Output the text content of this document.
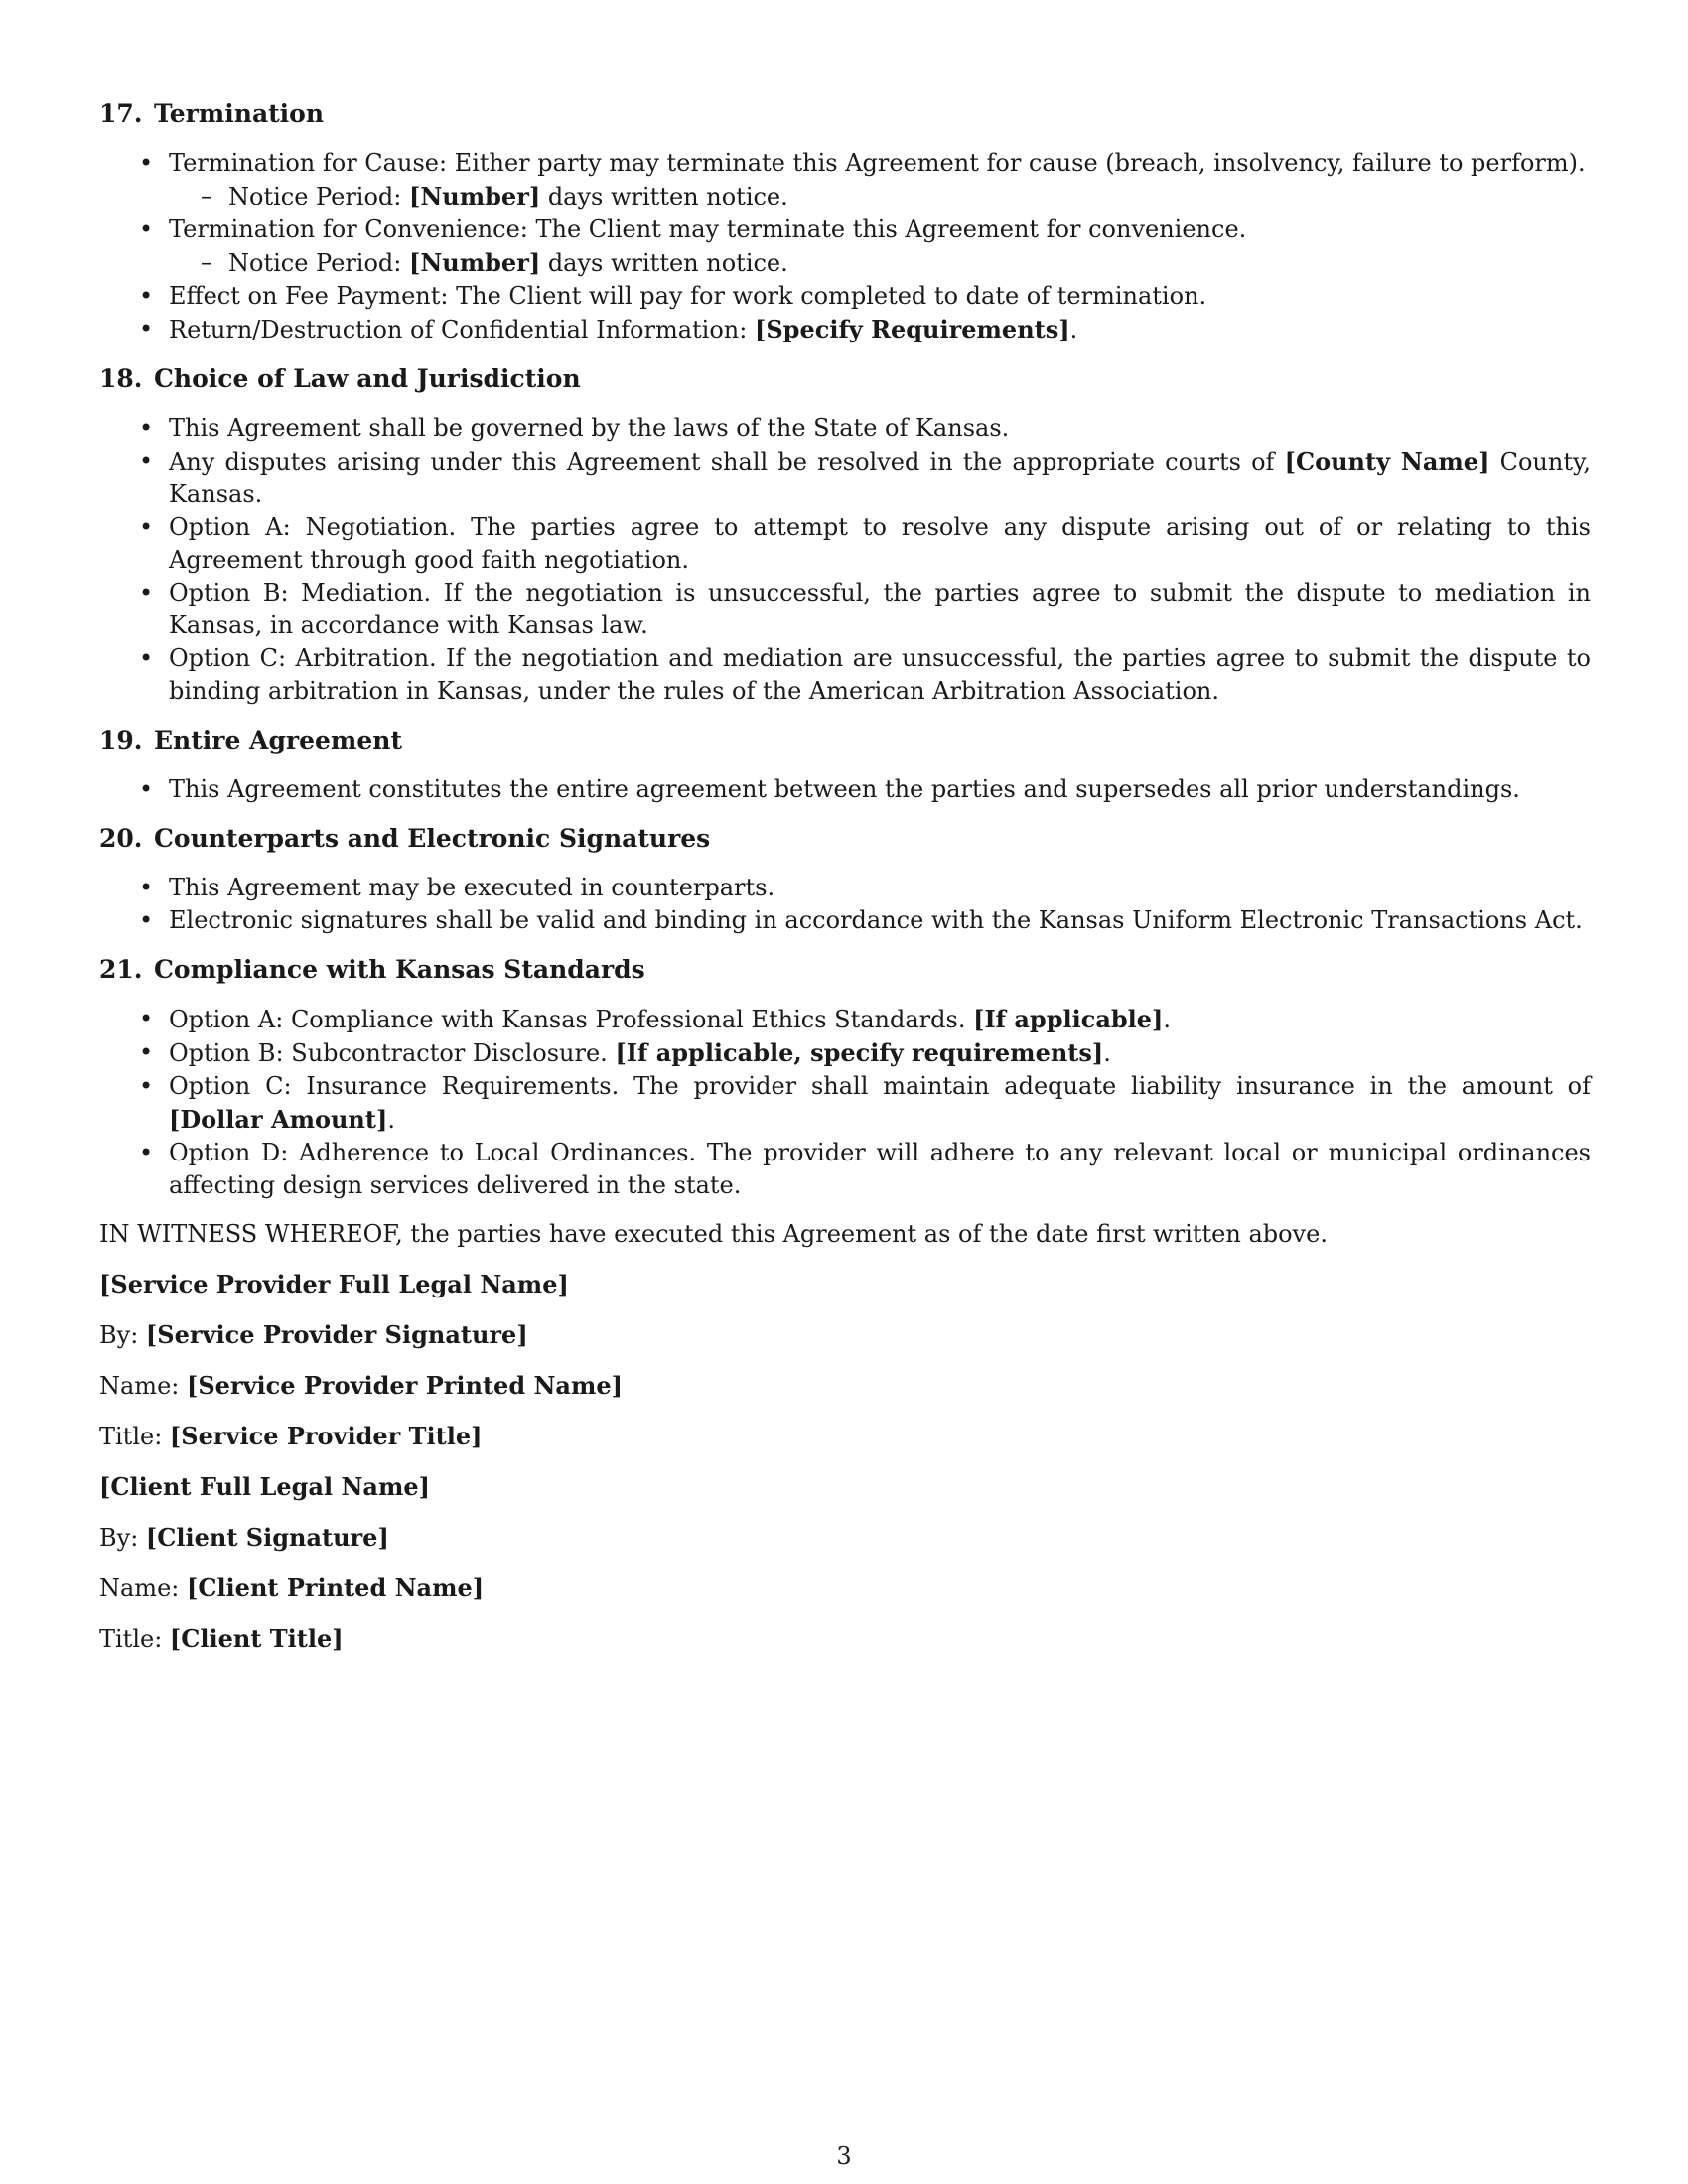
17. Termination
• Termination for Cause: Either party may terminate this Agreement for cause (breach, insolvency, failure to perform).
– Notice Period: [Number] days written notice.
• Termination for Convenience: The Client may terminate this Agreement for convenience.
– Notice Period: [Number] days written notice.
• Effect on Fee Payment: The Client will pay for work completed to date of termination.
• Return/Destruction of Confidential Information: [Specify Requirements].
18. Choice of Law and Jurisdiction
• This Agreement shall be governed by the laws of the State of Kansas.
• Any disputes arising under this Agreement shall be resolved in the appropriate courts of [County Name] County, Kansas.
• Option A: Negotiation. The parties agree to attempt to resolve any dispute arising out of or relating to this Agreement through good faith negotiation.
• Option B: Mediation. If the negotiation is unsuccessful, the parties agree to submit the dispute to mediation in Kansas, in accordance with Kansas law.
• Option C: Arbitration. If the negotiation and mediation are unsuccessful, the parties agree to submit the dispute to binding arbitration in Kansas, under the rules of the American Arbitration Association.
19. Entire Agreement
• This Agreement constitutes the entire agreement between the parties and supersedes all prior understandings.
20. Counterparts and Electronic Signatures
• This Agreement may be executed in counterparts.
• Electronic signatures shall be valid and binding in accordance with the Kansas Uniform Electronic Transactions Act.
21. Compliance with Kansas Standards
• Option A: Compliance with Kansas Professional Ethics Standards. [If applicable].
• Option B: Subcontractor Disclosure. [If applicable, specify requirements].
• Option C: Insurance Requirements. The provider shall maintain adequate liability insurance in the amount of [Dollar Amount].
• Option D: Adherence to Local Ordinances. The provider will adhere to any relevant local or municipal ordinances affecting design services delivered in the state.

IN WITNESS WHEREOF, the parties have executed this Agreement as of the date first written above.

[Service Provider Full Legal Name]

By: [Service Provider Signature]

Name: [Service Provider Printed Name]

Title: [Service Provider Title]

[Client Full Legal Name]

By: [Client Signature]

Name: [Client Printed Name]

Title: [Client Title]

3
